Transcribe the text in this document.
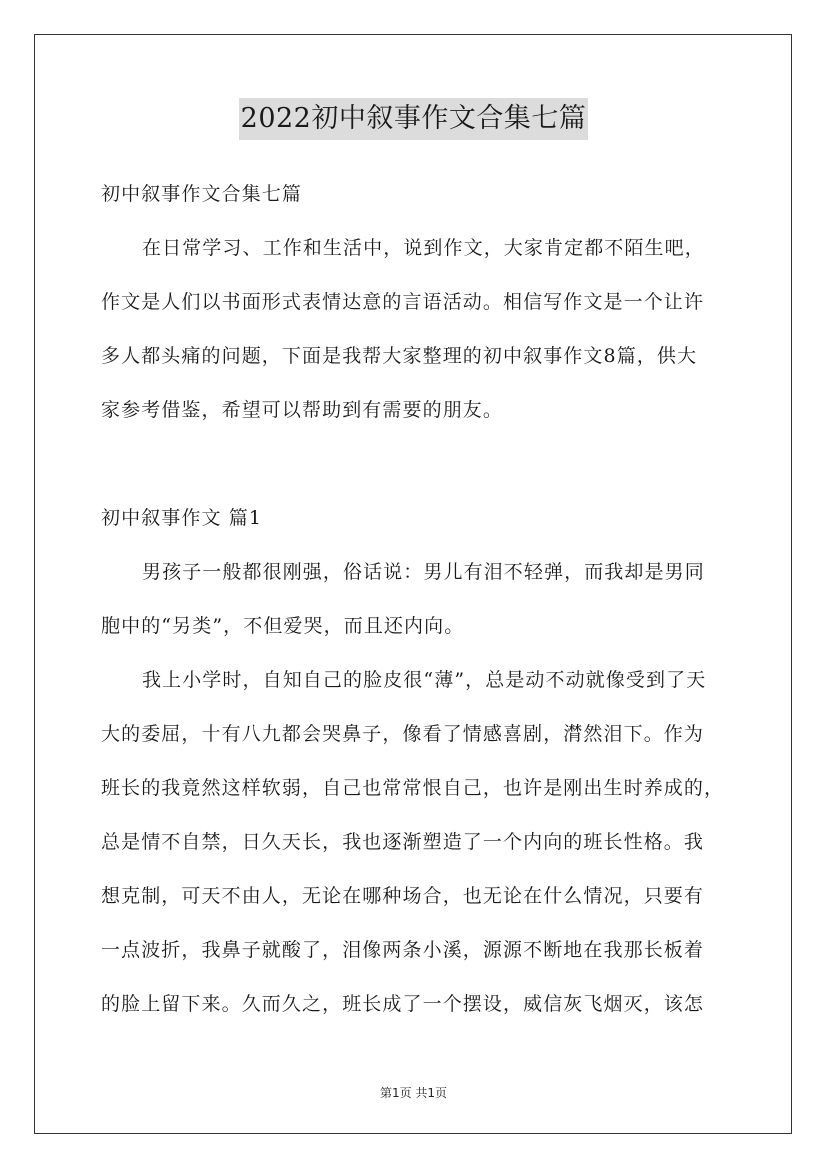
2022初中叙事作文合集七篇
初中叙事作文合集七篇
在日常学习、工作和生活中，说到作文，大家肯定都不陌生吧，
作文是人们以书面形式表情达意的言语活动。相信写作文是一个让许
多人都头痛的问题，下面是我帮大家整理的初中叙事作文8篇，供大
家参考借鉴，希望可以帮助到有需要的朋友。
初中叙事作文 篇1
男孩子一般都很刚强，俗话说：男儿有泪不轻弹，而我却是男同
胞中的“另类”，不但爱哭，而且还内向。
我上小学时，自知自己的脸皮很“薄”，总是动不动就像受到了天
大的委屈，十有八九都会哭鼻子，像看了情感喜剧，潸然泪下。作为
班长的我竟然这样软弱，自己也常常恨自己，也许是刚出生时养成的，
总是情不自禁，日久天长，我也逐渐塑造了一个内向的班长性格。我
想克制，可天不由人，无论在哪种场合，也无论在什么情况，只要有
一点波折，我鼻子就酸了，泪像两条小溪，源源不断地在我那长板着
的脸上留下来。久而久之，班长成了一个摆设，威信灰飞烟灭，该怎
第1页 共1页
